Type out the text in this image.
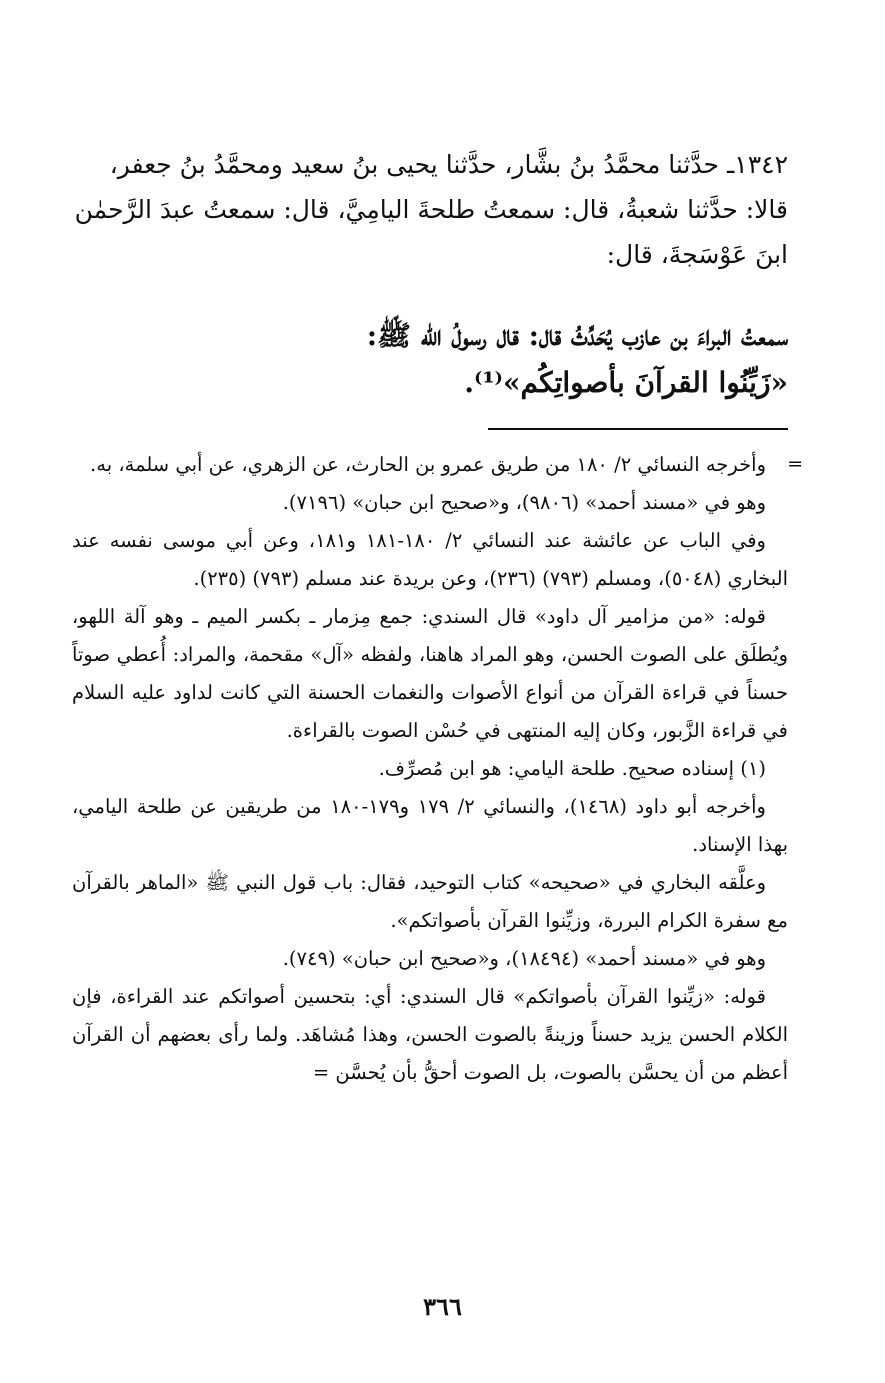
١٣٤٢ـ حدَّثنا محمَّدُ بنُ بشَّار، حدَّثنا يحيى بنُ سعيد ومحمَّدُ بنُ جعفر،

قالا: حدَّثنا شعبةُ، قال: سمعتُ طلحةَ اليامِيَّ، قال: سمعتُ عبدَ الرَّحمٰن

ابنَ عَوْسَجةَ، قال:

سمعتُ البراءَ بن عازب يُحَدِّثُ قال: قال رسولُ الله ﷺ:

«زَيِّنُوا القرآنَ بأصواتِكُم»⁽¹⁾.

وأخرجه النسائي ٢/ ١٨٠ من طريق عمرو بن الحارث، عن الزهري، عن أبي سلمة، به.

وهو في «مسند أحمد» (٩٨٠٦)، و«صحيح ابن حبان» (٧١٩٦).

وفي الباب عن عائشة عند النسائي ٢/ ١٨٠-١٨١ و١٨١، وعن أبي موسى نفسه عند البخاري (٥٠٤٨)، ومسلم (٧٩٣) (٢٣٦)، وعن بريدة عند مسلم (٧٩٣) (٢٣٥).

قوله: «من مزامير آل داود» قال السندي: جمع مِزمار ـ بكسر الميم ـ وهو آلة اللهو، ويُطلَق على الصوت الحسن، وهو المراد هاهنا، ولفظه «آل» مقحمة، والمراد: أُعطي صوتاً حسناً في قراءة القرآن من أنواع الأصوات والنغمات الحسنة التي كانت لداود عليه السلام في قراءة الزَّبور، وكان إليه المنتهى في حُسْن الصوت بالقراءة.

(١) إسناده صحيح. طلحة اليامي: هو ابن مُصرِّف.

وأخرجه أبو داود (١٤٦٨)، والنسائي ٢/ ١٧٩ و١٧٩-١٨٠ من طريقين عن طلحة اليامي، بهذا الإسناد.

وعلَّقه البخاري في «صحيحه» كتاب التوحيد، فقال: باب قول النبي ﷺ «الماهر بالقرآن مع سفرة الكرام البررة، وزيِّنوا القرآن بأصواتكم».

وهو في «مسند أحمد» (١٨٤٩٤)، و«صحيح ابن حبان» (٧٤٩).

قوله: «زيِّنوا القرآن بأصواتكم» قال السندي: أي: بتحسين أصواتكم عند القراءة، فإن الكلام الحسن يزيد حسناً وزينةً بالصوت الحسن، وهذا مُشاهَد. ولما رأى بعضهم أن القرآن أعظم من أن يحسَّن بالصوت، بل الصوت أحقُّ بأن يُحسَّن =

=
٣٦٦
